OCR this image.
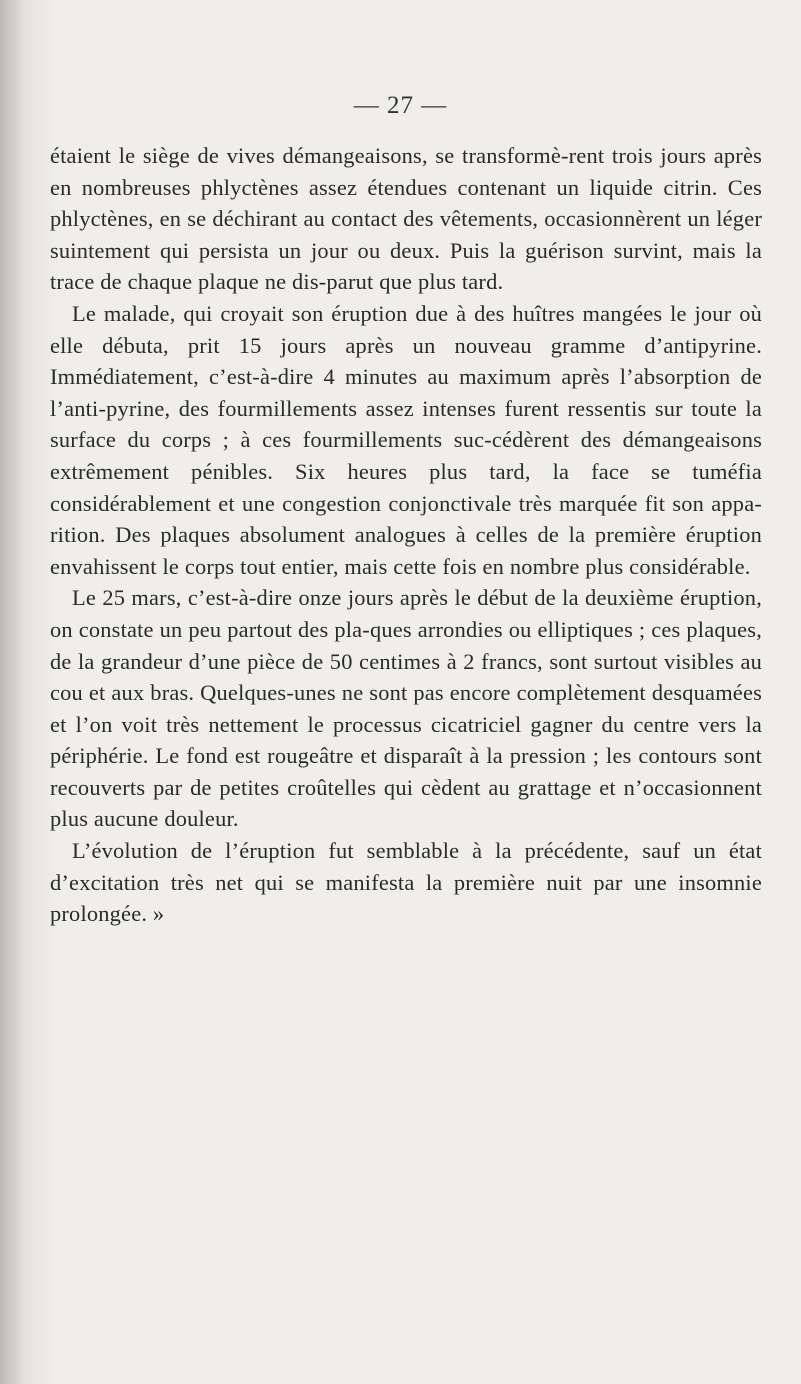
— 27 —

étaient le siège de vives démangeaisons, se transformè-rent trois jours après en nombreuses phlyctènes assez étendues contenant un liquide citrin. Ces phlyctènes, en se déchirant au contact des vêtements, occasionnèrent un léger suintement qui persista un jour ou deux. Puis la guérison survint, mais la trace de chaque plaque ne dis-parut que plus tard.

Le malade, qui croyait son éruption due à des huîtres mangées le jour où elle débuta, prit 15 jours après un nouveau gramme d’antipyrine. Immédiatement, c’est-à-dire 4 minutes au maximum après l’absorption de l’anti-pyrine, des fourmillements assez intenses furent ressentis sur toute la surface du corps ; à ces fourmillements suc-cédèrent des démangeaisons extrêmement pénibles. Six heures plus tard, la face se tuméfia considérablement et une congestion conjonctivale très marquée fit son appa-rition. Des plaques absolument analogues à celles de la première éruption envahissent le corps tout entier, mais cette fois en nombre plus considérable.

Le 25 mars, c’est-à-dire onze jours après le début de la deuxième éruption, on constate un peu partout des pla-ques arrondies ou elliptiques ; ces plaques, de la grandeur d’une pièce de 50 centimes à 2 francs, sont surtout visibles au cou et aux bras. Quelques-unes ne sont pas encore complètement desquamées et l’on voit très nettement le processus cicatriciel gagner du centre vers la périphérie. Le fond est rougeâtre et disparaît à la pression ; les contours sont recouverts par de petites croûtelles qui cèdent au grattage et n’occasionnent plus aucune douleur.

L’évolution de l’éruption fut semblable à la précédente, sauf un état d’excitation très net qui se manifesta la première nuit par une insomnie prolongée. »
